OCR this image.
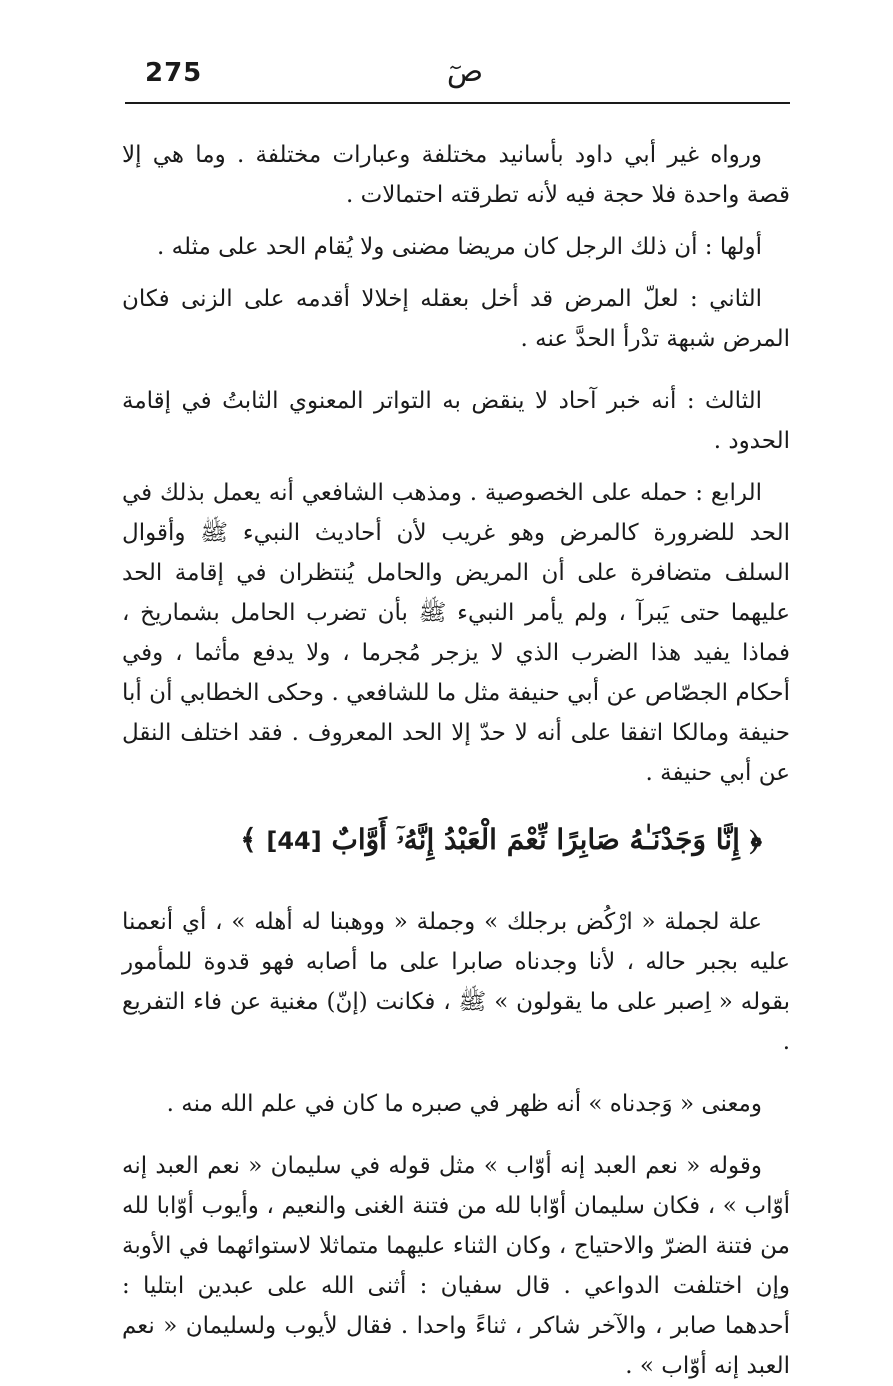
275	صٓ

ورواه غير أبي داود بأسانيد مختلفة وعبارات مختلفة . وما هي إلا قصة واحدة فلا حجة فيه لأنه تطرقته احتمالات .

أولها : أن ذلك الرجل كان مريضا مضنى ولا يُقام الحد على مثله .

الثاني : لعلّ المرض قد أخل بعقله إخلالا أقدمه على الزنى فكان المرض شبهة تدْرأ الحدَّ عنه .

الثالث : أنه خبر آحاد لا ينقض به التواتر المعنوي الثابتُ في إقامة الحدود .

الرابع : حمله على الخصوصية . ومذهب الشافعي أنه يعمل بذلك في الحد للضرورة كالمرض وهو غريب لأن أحاديث النبيء ﷺ وأقوال السلف متضافرة على أن المريض والحامل يُنتظران في إقامة الحد عليهما حتى يَبرآ ، ولم يأمر النبيء ﷺ بأن تضرب الحامل بشماريخ ، فماذا يفيد هذا الضرب الذي لا يزجر مُجرما ، ولا يدفع مأثما ، وفي أحكام الجصّاص عن أبي حنيفة مثل ما للشافعي . وحكى الخطابي أن أبا حنيفة ومالكا اتفقا على أنه لا حدّ إلا الحد المعروف . فقد اختلف النقل عن أبي حنيفة .

﴿ إِنَّا وَجَدْنَـٰهُ صَابِرًا نِّعْمَ الْعَبْدُ إِنَّهُۥٓ أَوَّابٌ [44] ﴾

علة لجملة « ارْكُض برجلك » وجملة « ووهبنا له أهله » ، أي أنعمنا عليه بجبر حاله ، لأنا وجدناه صابرا على ما أصابه فهو قدوة للمأمور بقوله « اِصبر على ما يقولون » ﷺ ، فكانت (إنّ) مغنية عن فاء التفريع .

ومعنى « وَجدناه » أنه ظهر في صبره ما كان في علم الله منه .

وقوله « نعم العبد إنه أوّاب » مثل قوله في سليمان « نعم العبد إنه أوّاب » ، فكان سليمان أوّابا لله من فتنة الغنى والنعيم ، وأيوب أوّابا لله من فتنة الضرّ والاحتياج ، وكان الثناء عليهما متماثلا لاستوائهما في الأوبة وإن اختلفت الدواعي . قال سفيان : أثنى الله على عبدين ابتليا : أحدهما صابر ، والآخر شاكر ، ثناءً واحدا . فقال لأيوب ولسليمان « نعم العبد إنه أوّاب » .
